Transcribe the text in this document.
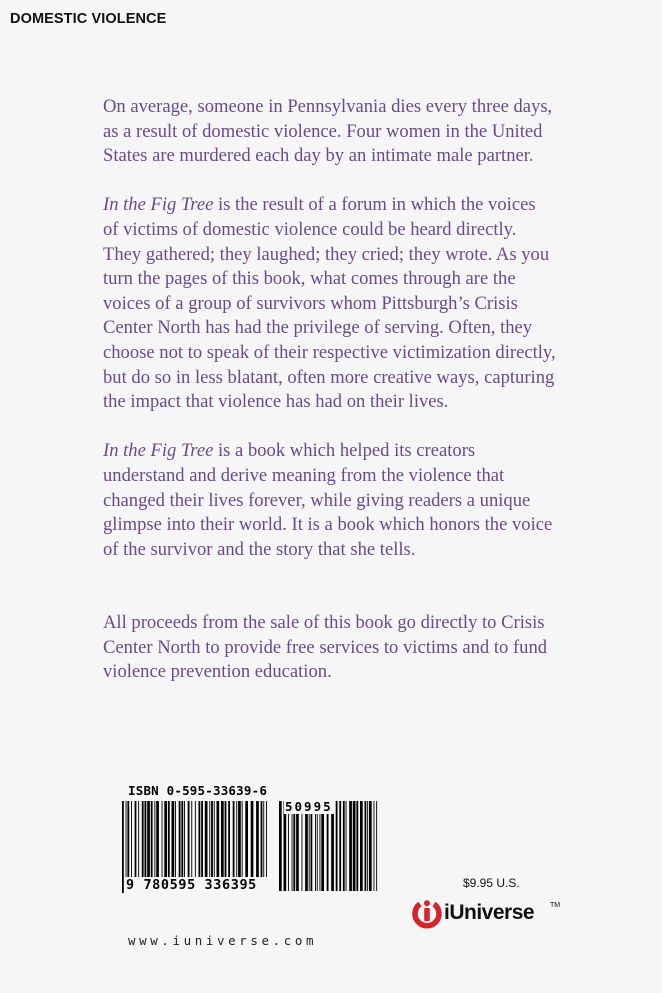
DOMESTIC VIOLENCE

On average, someone in Pennsylvania dies every three days,
as a result of domestic violence. Four women in the United
States are murdered each day by an intimate male partner.

In the Fig Tree is the result of a forum in which the voices
of victims of domestic violence could be heard directly.
They gathered; they laughed; they cried; they wrote. As you
turn the pages of this book, what comes through are the
voices of a group of survivors whom Pittsburgh’s Crisis
Center North has had the privilege of serving. Often, they
choose not to speak of their respective victimization directly,
but do so in less blatant, often more creative ways, capturing
the impact that violence has had on their lives.

In the Fig Tree is a book which helped its creators
understand and derive meaning from the violence that
changed their lives forever, while giving readers a unique
glimpse into their world. It is a book which honors the voice
of the survivor and the story that she tells.

All proceeds from the sale of this book go directly to Crisis
Center North to provide free services to victims and to fund
violence prevention education.

ISBN 0-595-33639-6
50995
9 780595 336395	$9.95 U.S.
iUniverse TM
www.iuniverse.com
